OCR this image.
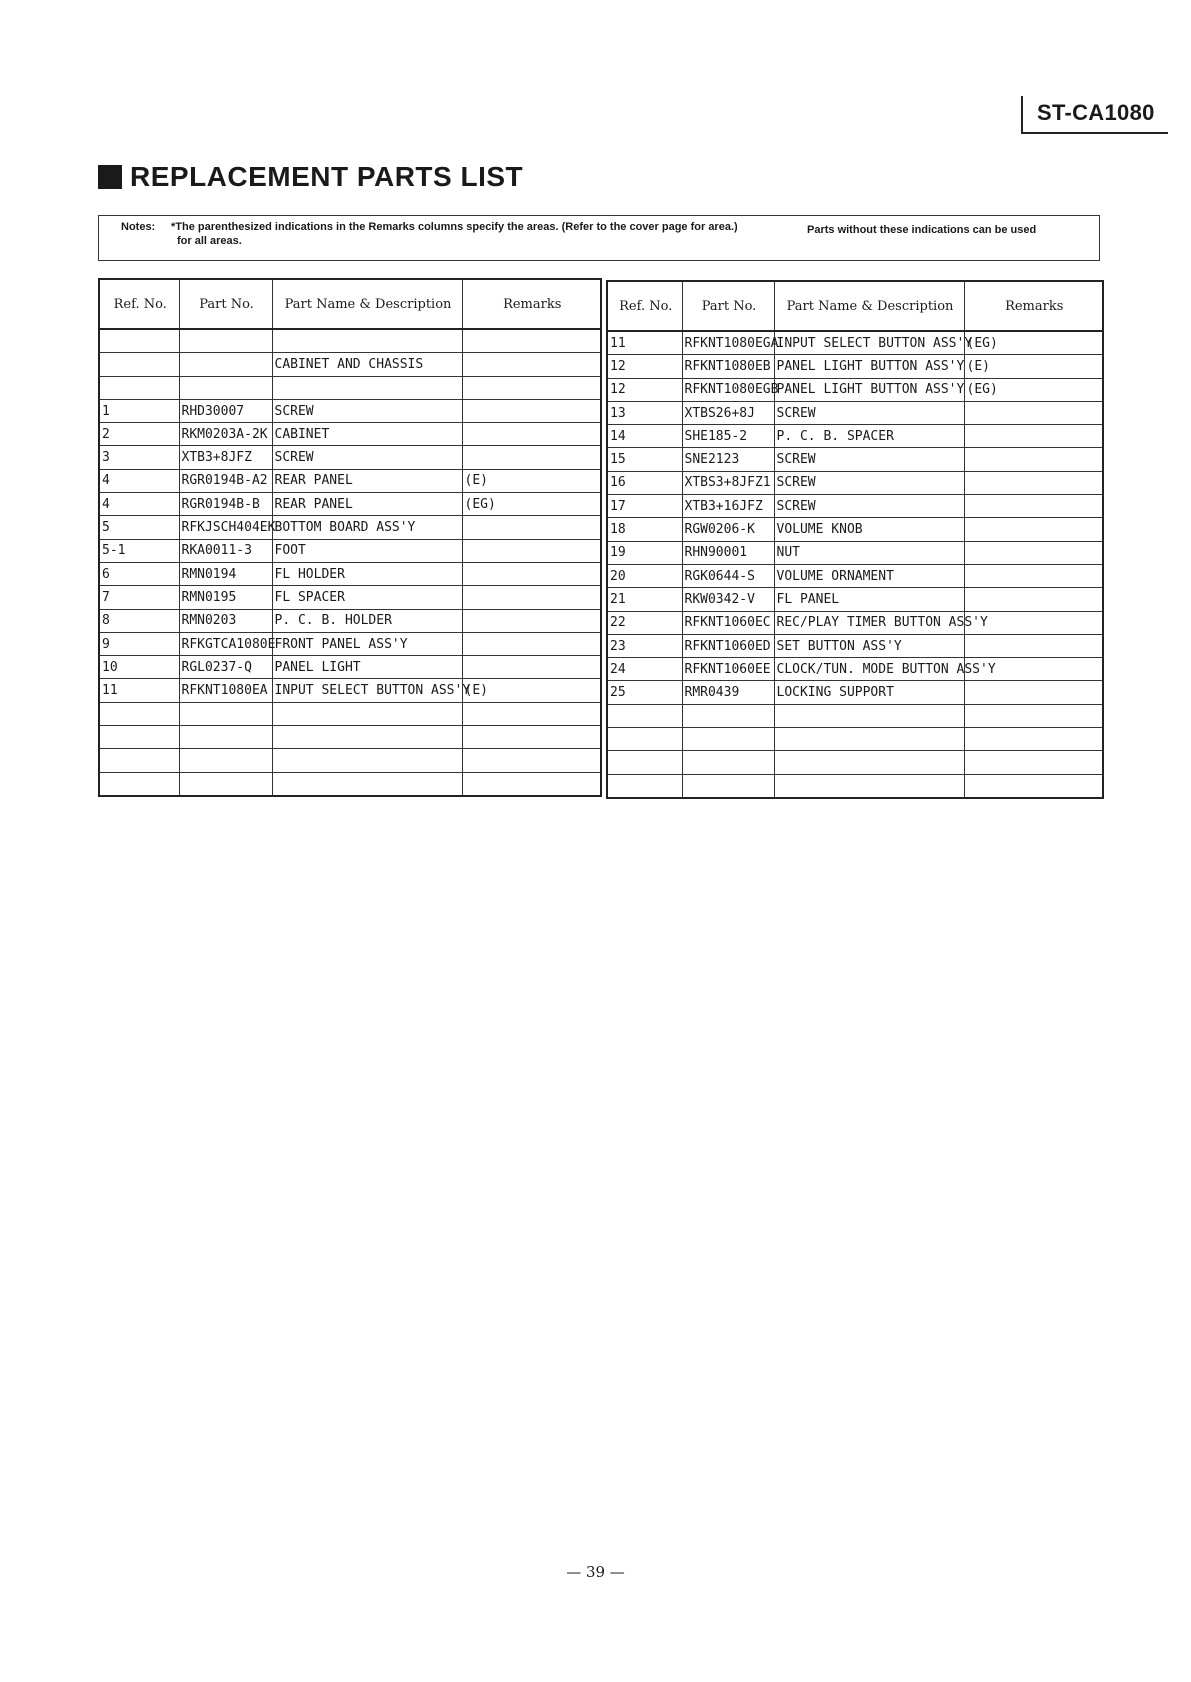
ST-CA1080
REPLACEMENT PARTS LIST
Notes: *The parenthesized indications in the Remarks columns specify the areas. (Refer to the cover page for area.)	Parts without these indications can be used
for all areas.
Ref. No.	Part No.	Part Name & Description	Remarks

		CABINET AND CHASSIS	

1	RHD30007	SCREW	
2	RKM0203A-2K	CABINET	
3	XTB3+8JFZ	SCREW	
4	RGR0194B-A2	REAR PANEL	(E)
4	RGR0194B-B	REAR PANEL	(EG)
5	RFKJSCH404EK	BOTTOM BOARD ASS'Y	
5-1	RKA0011-3	FOOT	
6	RMN0194	FL HOLDER	
7	RMN0195	FL SPACER	
8	RMN0203	P. C. B. HOLDER	
9	RFKGTCA1080E	FRONT PANEL ASS'Y	
10	RGL0237-Q	PANEL LIGHT	
11	RFKNT1080EA	INPUT SELECT BUTTON ASS'Y	(E)

Ref. No.	Part No.	Part Name & Description	Remarks
11	RFKNT1080EGA	INPUT SELECT BUTTON ASS'Y	(EG)
12	RFKNT1080EB	PANEL LIGHT BUTTON ASS'Y	(E)
12	RFKNT1080EGB	PANEL LIGHT BUTTON ASS'Y	(EG)
13	XTBS26+8J	SCREW	
14	SHE185-2	P. C. B. SPACER	
15	SNE2123	SCREW	
16	XTBS3+8JFZ1	SCREW	
17	XTB3+16JFZ	SCREW	
18	RGW0206-K	VOLUME KNOB	
19	RHN90001	NUT	
20	RGK0644-S	VOLUME ORNAMENT	
21	RKW0342-V	FL PANEL	
22	RFKNT1060EC	REC/PLAY TIMER BUTTON ASS'Y	
23	RFKNT1060ED	SET BUTTON ASS'Y	
24	RFKNT1060EE	CLOCK/TUN. MODE BUTTON ASS'Y	
25	RMR0439	LOCKING SUPPORT	

— 39 —
